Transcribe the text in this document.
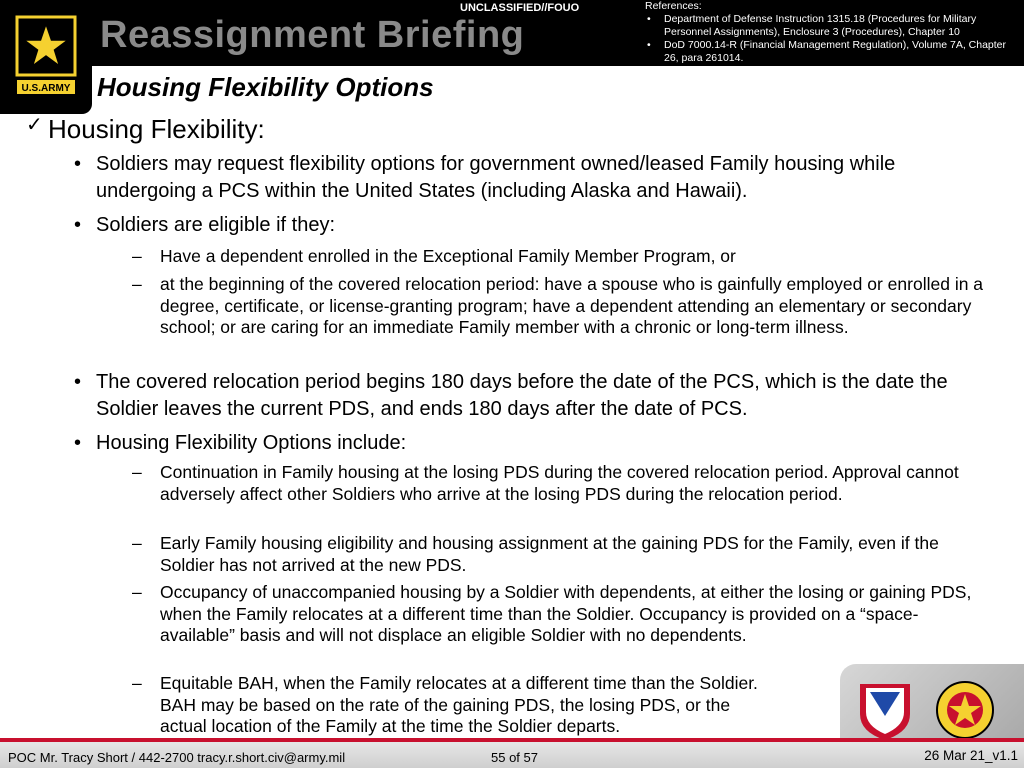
U.S.ARMY
Reassignment Briefing
UNCLASSIFIED//FOUO	References:
• Department of Defense Instruction 1315.18 (Procedures for Military Personnel Assignments), Enclosure 3 (Procedures), Chapter 10
• DoD 7000.14-R (Financial Management Regulation), Volume 7A, Chapter 26, para 261014.
Housing Flexibility Options
✓ Housing Flexibility:
• Soldiers may request flexibility options for government owned/leased Family housing while undergoing a PCS within the United States (including Alaska and Hawaii).
• Soldiers are eligible if they:
– Have a dependent enrolled in the Exceptional Family Member Program, or
– at the beginning of the covered relocation period: have a spouse who is gainfully employed or enrolled in a degree, certificate, or license-granting program; have a dependent attending an elementary or secondary school; or are caring for an immediate Family member with a chronic or long-term illness.
• The covered relocation period begins 180 days before the date of the PCS, which is the date the Soldier leaves the current PDS, and ends 180 days after the date of PCS.
• Housing Flexibility Options include:
– Continuation in Family housing at the losing PDS during the covered relocation period. Approval cannot adversely affect other Soldiers who arrive at the losing PDS during the relocation period.
– Early Family housing eligibility and housing assignment at the gaining PDS for the Family, even if the Soldier has not arrived at the new PDS.
– Occupancy of unaccompanied housing by a Soldier with dependents, at either the losing or gaining PDS, when the Family relocates at a different time than the Soldier. Occupancy is provided on a “space-available” basis and will not displace an eligible Soldier with no dependents.
– Equitable BAH, when the Family relocates at a different time than the Soldier.
BAH may be based on the rate of the gaining PDS, the losing PDS, or the
actual location of the Family at the time the Soldier departs.
POC Mr. Tracy Short / 442-2700 tracy.r.short.civ@army.mil	55 of 57	26 Mar 21_v1.1
